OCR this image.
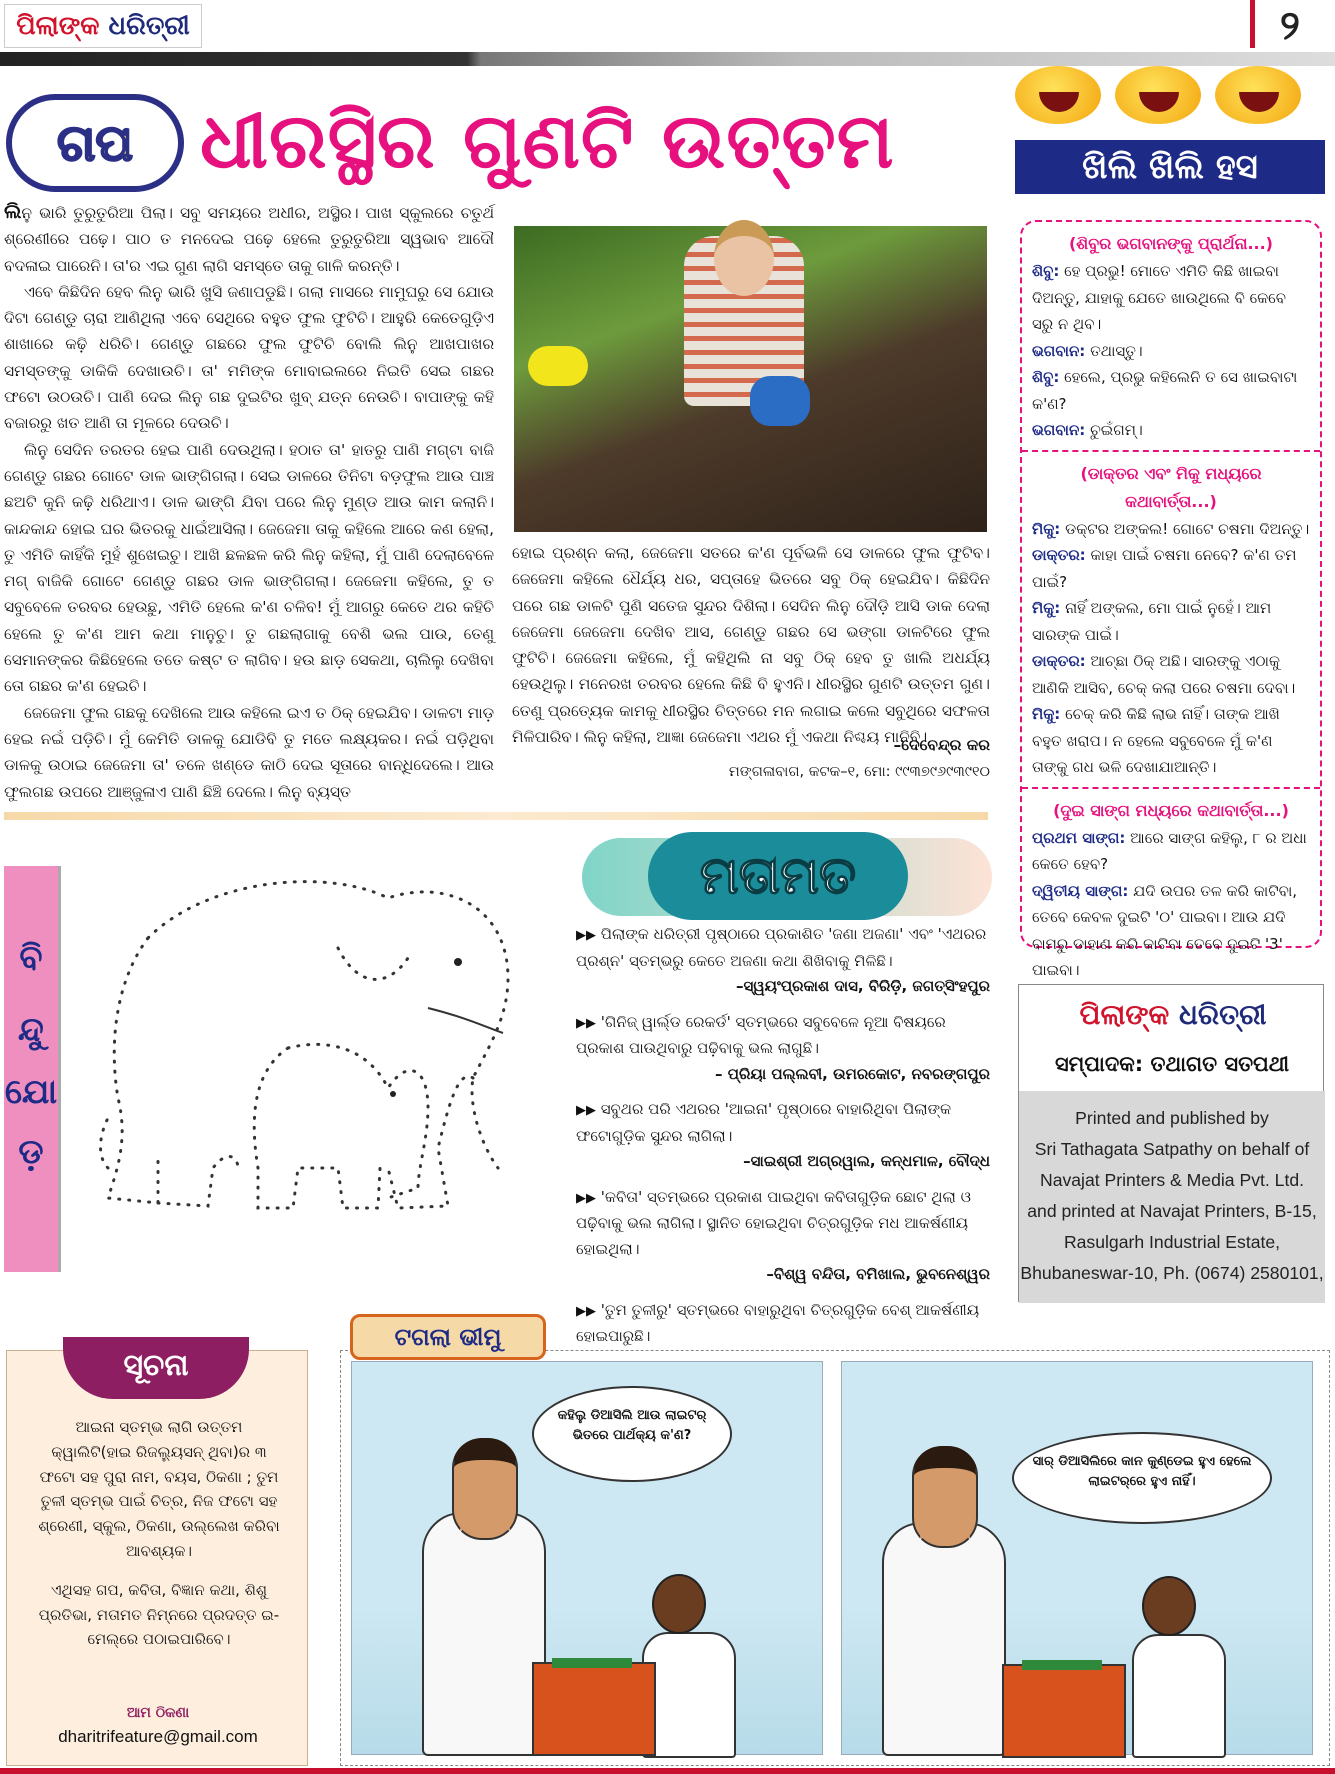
ପିଲାଙ୍କ ଧରିତ୍ରୀ	୨
ଗପ ଧୀରସ୍ଥିର ଗୁଣଟି ଉତ୍ତମ	ଖିଲି ଖିଲି ହସ

ଲିନୁ ଭାରି ତୁରୁତୁରିଆ ପିଲା। ସବୁ ସମୟରେ ଅଧୀର, ଅସ୍ଥିର। ପାଖ ସ୍କୁଲରେ ଚତୁର୍ଥ ଶ୍ରେଣୀରେ ପଢ଼େ। ପାଠ ତ ମନଦେଇ ପଢ଼େ ହେଲେ ତୁରୁତୁରିଆ ସ୍ୱଭାବ ଆଦୌ ବଦଳାଇ ପାରେନି। ତା'ର ଏଇ ଗୁଣ ଲାଗି ସମସ୍ତେ ତାକୁ ଗାଳି କରନ୍ତି।

ଏବେ କିଛିଦିନ ହେବ ଲିନୁ ଭାରି ଖୁସି ଜଣାପଡୁଛି। ଗଲା ମାସରେ ମାମୁଘରୁ ସେ ଯୋଉ ଦିଟା ଗେଣ୍ଡୁ ଚାରା ଆଣିଥିଲା ଏବେ ସେଥିରେ ବହୁତ ଫୁଲ ଫୁଟିଚି। ଆହୁରି କେତେଗୁଡ଼ିଏ ଶାଖାରେ କଢ଼ି ଧରିଚି। ଗେଣ୍ଡୁ ଗଛରେ ଫୁଲ ଫୁଟିଚି ବୋଲି ଲିନୁ ଆଖପାଖର ସମସ୍ତଙ୍କୁ ଡାକିକି ଦେଖାଉଚି। ତା' ମମିଙ୍କ ମୋବାଇଲରେ ନିଇତି ସେଇ ଗଛର ଫଟୋ ଉଠଉଚି। ପାଣି ଦେଇ ଲିନୁ ଗଛ ଦୁଇଟିର ଖୁବ୍ ଯତ୍ନ ନେଉଚି। ବାପାଙ୍କୁ କହି ବଜାରରୁ ଖତ ଆଣି ତା ମୂଳରେ ଦେଉଚି।

ଲିନୁ ସେଦିନ ତରତର ହେଇ ପାଣି ଦେଉଥିଲା। ହଠାତ ତା' ହାତରୁ ପାଣି ମଗ୍‌ଟା ବାଜି ଗେଣ୍ଡୁ ଗଛର ଗୋଟେ ଡାଳ ଭାଙ୍ଗିଗଲା। ସେଇ ଡାଳରେ ତିନିଟା ବଡ଼ଫୁଲ ଆଉ ପାଞ୍ଚ ଛଅଟି କୁନି କଢ଼ି ଧରିଥାଏ। ଡାଳ ଭାଙ୍ଗି ଯିବା ପରେ ଲିନୁ ମୁଣ୍ଡ ଆଉ କାମ କଲାନି। କାନ୍ଦକାନ୍ଦ ହୋଇ ଘର ଭିତରକୁ ଧାଇଁଆସିଲା। ଜେଜେମା ତାକୁ କହିଲେ ଆରେ କଣ ହେଲା, ତୁ ଏମିତି କାହିଁକି ମୁହଁ ଶୁଖେଇଚୁ। ଆଖି ଛଳଛଳ କରି ଲିନୁ କହିଲା, ମୁଁ ପାଣି ଦେଲାବେଳେ ମଗ୍ ବାଜିକି ଗୋଟେ ଗେଣ୍ଡୁ ଗଛର ଡାଳ ଭାଙ୍ଗିଗଲା। ଜେଜେମା କହିଲେ, ତୁ ତ ସବୁବେଳେ ତରବର ହେଉଛୁ, ଏମିତି ହେଲେ କ'ଣ ଚଳିବ! ମୁଁ ଆଗରୁ କେତେ ଥର କହିଚି ହେଲେ ତୁ କ'ଣ ଆମ କଥା ମାନୁଚୁ। ତୁ ଗଛଲାଗାକୁ ବେଶି ଭଲ ପାଉ, ତେଣୁ ସେମାନଙ୍କର କିଛିହେଲେ ତତେ କଷ୍ଟ ତ ଲାଗିବ। ହଉ ଛାଡ଼ ସେକଥା, ଚାଲିଲୁ ଦେଖିବା ତୋ ଗଛର କ'ଣ ହେଇଚି।

ଜେଜେମା ଫୁଲ ଗଛକୁ ଦେଖିଲେ ଆଉ କହିଲେ ଇଏ ତ ଠିକ୍ ହେଇଯିବ। ଡାଳଟା ମାଡ଼ ହେଇ ନଇଁ ପଡ଼ିଚି। ମୁଁ କେମିତି ଡାଳକୁ ଯୋଡିବି ତୁ ମତେ ଲକ୍ଷ୍ୟକର। ନଇଁ ପଡ଼ିଥିବା ଡାଳକୁ ଉଠାଇ ଜେଜେମା ତା' ତଳେ ଖଣ୍ଡେ କାଠି ଦେଇ ସୂତାରେ ବାନ୍ଧିଦେଲେ। ଆଉ ଫୁଲଗଛ ଉପରେ ଆଞ୍ଜୁଳାଏ ପାଣି ଛିଞ୍ଚି ଦେଲେ। ଲିନୁ ବ୍ୟସ୍ତ

ହୋଇ ପ୍ରଶ୍ନ କଲା, ଜେଜେମା ସତରେ କ'ଣ ପୂର୍ବଭଳି ସେ ଡାଳରେ ଫୁଲ ଫୁଟିବ। ଜେଜେମା କହିଲେ ଧୈର୍ଯ୍ୟ ଧର, ସପ୍ତାହେ ଭିତରେ ସବୁ ଠିକ୍ ହେଇଯିବ। କିଛିଦିନ ପରେ ଗଛ ଡାଳଟି ପୁଣି ସତେଜ ସୁନ୍ଦର ଦିଶିଲା। ସେଦିନ ଲିନୁ ଦୌଡ଼ି ଆସି ଡାକ ଦେଲା ଜେଜେମା ଜେଜେମା ଦେଖିବ ଆସ, ଗେଣ୍ଡୁ ଗଛର ସେ ଭଙ୍ଗା ଡାଳଟିରେ ଫୁଲ ଫୁଟିଚି। ଜେଜେମା କହିଲେ, ମୁଁ କହିଥିଲି ନା ସବୁ ଠିକ୍ ହେବ ତୁ ଖାଲି ଅଧର୍ଯ୍ୟ ହେଉଥିଲୁ। ମନେରଖ ତରବର ହେଲେ କିଛି ବି ହୁଏନି। ଧୀରସ୍ଥିର ଗୁଣଟି ଉତ୍ତମ ଗୁଣ। ତେଣୁ ପ୍ରତ୍ୟେକ କାମକୁ ଧୀରସ୍ଥିର ଚିତ୍ତରେ ମନ ଲଗାଇ କଲେ ସବୁଥିରେ ସଫଳତା ମିଳିପାରିବ। ଲିନୁ କହିଲା, ଆଜ୍ଞା ଜେଜେମା ଏଥର ମୁଁ ଏକଥା ନିଶ୍ଚୟ ମାନିବି।

–ଦେବେନ୍ଦ୍ର କର
ମଙ୍ଗଳାବାଗ, କଟକ–୧, ମୋ: ୯୯୩୭୯୬୯୩୯୧୦
(ଶିବୁର ଭଗବାନଙ୍କୁ ପ୍ରାର୍ଥନା...)

ଶିବୁ: ହେ ପ୍ରଭୁ! ମୋତେ ଏମିତି କିଛି ଖାଇବା ଦିଅନ୍ତୁ, ଯାହାକୁ ଯେତେ ଖାଉଥିଲେ ବି କେବେ ସରୁ ନ ଥିବ।

ଭଗବାନ: ତଥାସ୍ତୁ।

ଶିବୁ: ହେଲେ, ପ୍ରଭୁ କହିଲେନି ତ ସେ ଖାଇବାଟା କ'ଣ?

ଭଗବାନ: ଚୁଇଁଗମ୍।

(ଡାକ୍ତର ଏବଂ ମିକୁ ମଧ୍ୟରେ କଥାବାର୍ତ୍ତା...)

ମିକୁ: ଡକ୍ଟର ଅଙ୍କଲ! ଗୋଟେ ଚଷମା ଦିଅନ୍ତୁ।

ଡାକ୍ତର: କାହା ପାଇଁ ଚଷମା ନେବେ? କ'ଣ ତମ ପାଇଁ?

ମିକୁ: ନାହିଁ ଅଙ୍କଲ, ମୋ ପାଇଁ ନୁହେଁ। ଆମ ସାରଙ୍କ ପାଇଁ।

ଡାକ୍ତର: ଆଚ୍ଛା ଠିକ୍ ଅଛି। ସାରଙ୍କୁ ଏଠାକୁ ଆଣିକି ଆସିବ, ଚେକ୍ କଲା ପରେ ଚଷମା ଦେବା।

ମିକୁ: ଚେକ୍ କରି କିଛି ଲାଭ ନାହିଁ। ତାଙ୍କ ଆଖି ବହୁତ ଖରାପ। ନ ହେଲେ ସବୁବେଳେ ମୁଁ କ'ଣ ତାଙ୍କୁ ଗଧ ଭଳି ଦେଖାଯାଆନ୍ତି।

(ଦୁଇ ସାଙ୍ଗ ମଧ୍ୟରେ କଥାବାର୍ତ୍ତା...)

ପ୍ରଥମ ସାଙ୍ଗ: ଆରେ ସାଙ୍ଗ କହିଲୁ, ୮ ର ଅଧା କେତେ ହେବ?

ଦ୍ୱିତୀୟ ସାଙ୍ଗ: ଯଦି ଉପର ତଳ କରି କାଟିବା, ତେବେ କେବଳ ଦୁଇଟି '୦' ପାଇବା। ଆଉ ଯଦି ବାମରୁ ଡାହାଣ କରି କାଟିବା ତେବେ ଦୁଇଟି '3' ପାଇବା।

ବି
ନ୍ଦୁ
ଯୋ
ଡ଼
ମତାମତ

▶▶ ପିଲାଙ୍କ ଧରିତ୍ରୀ ପୃଷ୍ଠାରେ ପ୍ରକାଶିତ 'ଜଣା ଅଜଣା' ଏବଂ 'ଏଥରର ପ୍ରଶ୍ନ' ସ୍ତମ୍ଭରୁ କେତେ ଅଜଣା କଥା ଶିଖିବାକୁ ମିଳିଛି।

–ସ୍ୱୟଂପ୍ରକାଶ ଦାସ, ବିରିଡ଼ି, ଜଗତ୍‌ସିଂହପୁର

▶▶ 'ଗିନିଜ୍ ୱାର୍ଲ୍ଡ ରେକର୍ଡ' ସ୍ତମ୍ଭରେ ସବୁବେଳେ ନୂଆ ବିଷୟରେ ପ୍ରକାଶ ପାଉଥିବାରୁ ପଢ଼ିବାକୁ ଭଲ ଲାଗୁଛି।

– ପ୍ରିୟା ପଲ୍ଲବୀ, ଉମରକୋଟ, ନବରଙ୍ଗପୁର

▶▶ ସବୁଥର ପରି ଏଥରର 'ଆଇନା' ପୃଷ୍ଠାରେ ବାହାରିଥିବା ପିଲାଙ୍କ ଫଟୋଗୁଡ଼ିକ ସୁନ୍ଦର ଲାଗିଲା।

–ସାଇଶ୍ରୀ ଅଗ୍ରୱାଲ, କନ୍ଧମାଳ, ବୌଦ୍ଧ

▶▶ 'କବିତା' ସ୍ତମ୍ଭରେ ପ୍ରକାଶ ପାଇଥିବା କବିତାଗୁଡ଼ିକ ଛୋଟ ଥିଲା ଓ ପଢ଼ିବାକୁ ଭଲ ଲାଗିଲା। ସ୍ଥାନିତ ହୋଇଥିବା ଚିତ୍ରଗୁଡ଼ିକ ମଧ ଆକର୍ଷଣୀୟ ହୋଇଥିଲା।

–ବିଶ୍ୱ ବନ୍ଦିତା, ବମିଖାଲ, ଭୁବନେଶ୍ୱର

▶▶ 'ତୁମ ତୁଳୀରୁ' ସ୍ତମ୍ଭରେ ବାହାରୁଥିବା ଚିତ୍ରଗୁଡ଼ିକ ବେଶ୍ ଆକର୍ଷଣୀୟ ହୋଇପାରୁଛି।

ପିଲାଙ୍କ ଧରିତ୍ରୀ
ସମ୍ପାଦକ: ତଥାଗତ ସତପଥୀ
Printed and published by
Sri Tathagata Satpathy on behalf of
Navajat Printers & Media Pvt. Ltd.
and printed at Navajat Printers, B-15,
Rasulgarh Industrial Estate,
Bhubaneswar-10, Ph. (0674) 2580101,
ସୂଚନା

ଆଇନା ସ୍ତମ୍ଭ ଲାଗି ଉତ୍ତମ କ୍ୱାଲିଟି(ହାଇ ରିଜଲ୍ୟୁସନ୍ ଥିବା)ର ୩ ଫଟୋ ସହ ପୁରା ନାମ, ବୟସ, ଠିକଣା ; ତୁମ ତୁଳୀ ସ୍ତମ୍ଭ ପାଇଁ ଚିତ୍ର, ନିଜ ଫଟୋ ସହ ଶ୍ରେଣୀ, ସ୍କୁଲ, ଠିକଣା, ଉଲ୍ଲେଖ କରିବା ଆବଶ୍ୟକ।

ଏଥିସହ ଗପ, କବିତା, ବିଜ୍ଞାନ କଥା, ଶିଶୁ ପ୍ରତିଭା, ମତାମତ ନିମ୍ନରେ ପ୍ରଦତ୍ତ ଇ-ମେଲ୍‌ରେ ପଠାଇପାରିବେ।

ଆମ ଠିକଣା
dharitrifeature@gmail.com
କହିଲୁ ଡିଆସିଲି ଆଉ ଲାଇଟର୍ ଭିତରେ ପାର୍ଥକ୍ୟ କ'ଣ?
ସାର୍ ଡିଆସିଲିରେ କାନ କୁଣ୍ଡେଇ ହୁଏ ହେଲେ ଲାଇଟର୍‌ରେ ହୁଏ ନାହିଁ।
ଟଗଲା ଭୀମୁ
